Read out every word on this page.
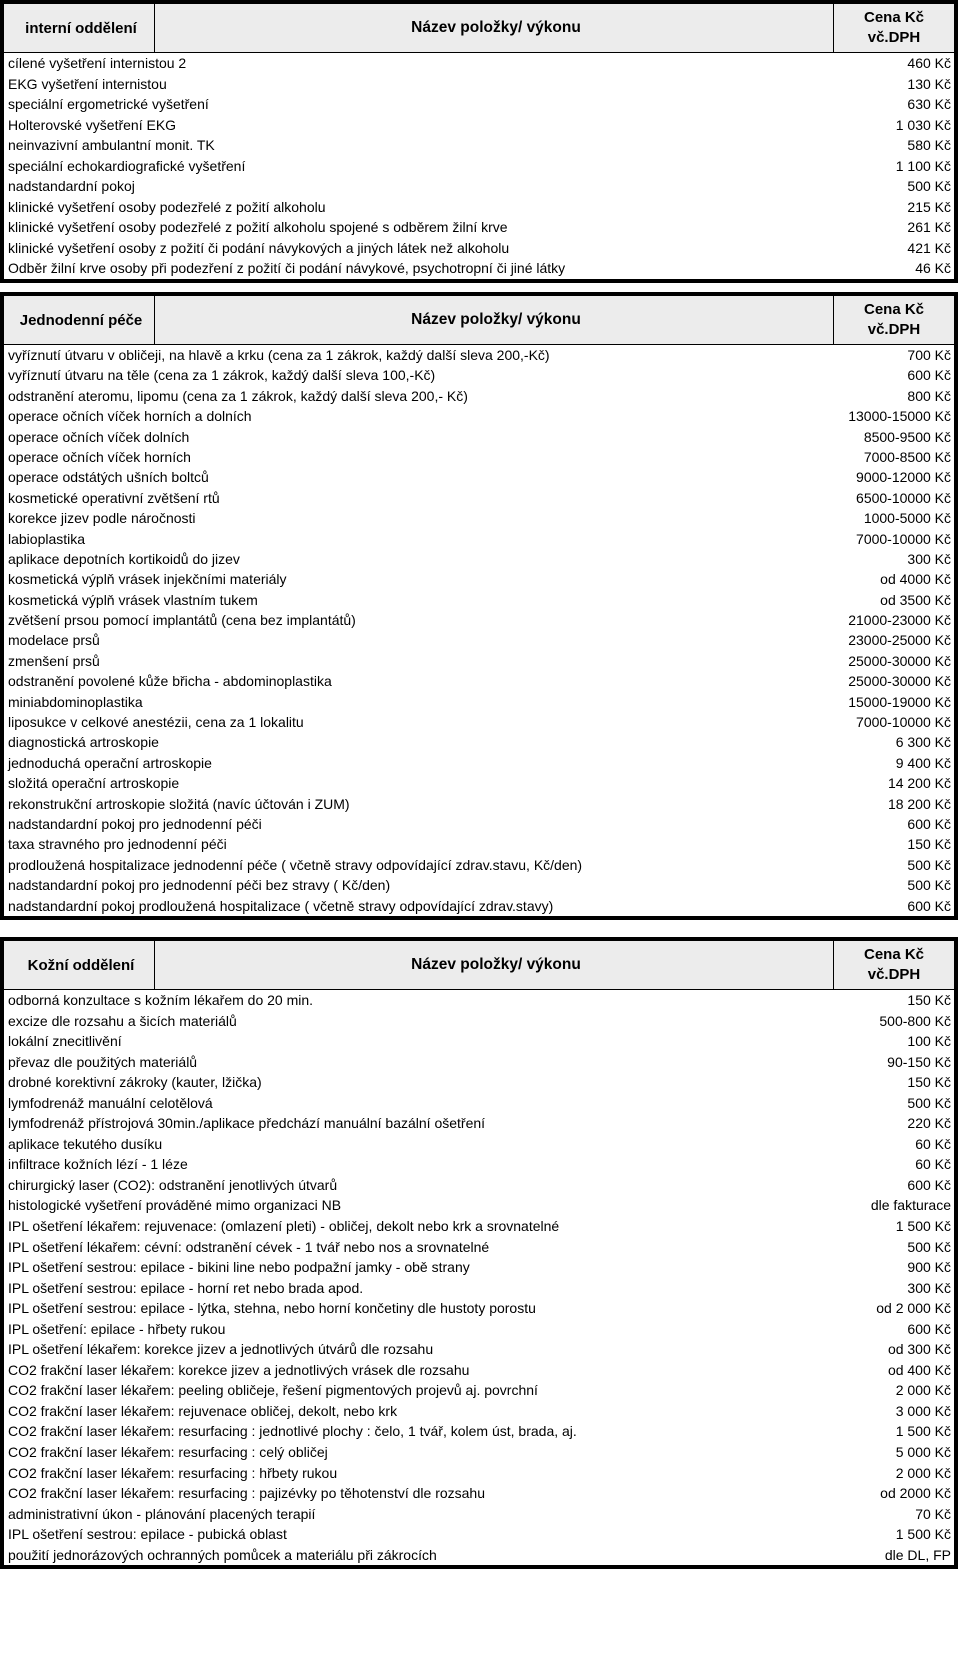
interní oddělení	Název položky/ výkonu
Cena Kč
vč.DPH
cílené vyšetření internistou 2	460 Kč
EKG vyšetření internistou	130 Kč
speciální ergometrické vyšetření	630 Kč
Holterovské vyšetření EKG	1 030 Kč
neinvazivní ambulantní monit. TK	580 Kč
speciální echokardiografické vyšetření	1 100 Kč
nadstandardní pokoj	500 Kč
klinické vyšetření osoby podezřelé z požití alkoholu	215 Kč
klinické vyšetření osoby podezřelé z požití alkoholu spojené s odběrem žilní krve	261 Kč
klinické vyšetření osoby z požití či podání návykových a jiných látek než alkoholu	421 Kč
Odběr žilní krve osoby při podezření z požití či podání návykové, psychotropní či jiné látky	46 Kč
Jednodenní péče	Název položky/ výkonu
Cena Kč
vč.DPH
vyříznutí útvaru v obličeji, na hlavě a krku (cena za 1 zákrok, každý další sleva 200,-Kč)	700 Kč
vyříznutí útvaru na těle (cena za 1 zákrok, každý další sleva 100,-Kč)	600 Kč
odstranění ateromu, lipomu (cena za 1 zákrok, každý další sleva 200,- Kč)	800 Kč
operace očních víček horních a dolních	13000-15000 Kč
operace očních víček dolních	8500-9500 Kč
operace očních víček horních	7000-8500 Kč
operace odstátých ušních boltců	9000-12000 Kč
kosmetické operativní zvětšení rtů	6500-10000 Kč
korekce jizev podle náročnosti	1000-5000 Kč
labioplastika	7000-10000 Kč
aplikace depotních kortikoidů do jizev	300 Kč
kosmetická výplň vrásek injekčními materiály	od 4000 Kč
kosmetická výplň vrásek vlastním tukem	od 3500 Kč
zvětšení prsou pomocí implantátů (cena bez implantátů)	21000-23000 Kč
modelace prsů	23000-25000 Kč
zmenšení prsů	25000-30000 Kč
odstranění povolené kůže břicha - abdominoplastika	25000-30000 Kč
miniabdominoplastika	15000-19000 Kč
liposukce v celkové anestézii, cena za 1 lokalitu	7000-10000 Kč
diagnostická artroskopie	6 300 Kč
jednoduchá operační artroskopie	9 400 Kč
složitá operační artroskopie	14 200 Kč
rekonstrukční artroskopie složitá (navíc účtován i ZUM)	18 200 Kč
nadstandardní pokoj pro jednodenní péči	600 Kč
taxa stravného pro jednodenní péči	150 Kč
prodloužená hospitalizace jednodenní péče ( včetně stravy odpovídající zdrav.stavu, Kč/den)	500 Kč
nadstandardní pokoj pro jednodenní péči bez stravy ( Kč/den)	500 Kč
nadstandardní pokoj prodloužená hospitalizace ( včetně stravy odpovídající zdrav.stavy)	600 Kč
Kožní oddělení	Název položky/ výkonu
Cena Kč
vč.DPH
odborná konzultace s kožním lékařem do 20 min.	150 Kč
excize dle rozsahu a šicích materiálů	500-800 Kč
lokální znecitlivění	100 Kč
převaz dle použitých materiálů	90-150 Kč
drobné korektivní zákroky (kauter, lžička)	150 Kč
lymfodrenáž manuální celotělová	500 Kč
lymfodrenáž přístrojová 30min./aplikace předchází manuální bazální ošetření	220 Kč
aplikace tekutého dusíku	60 Kč
infiltrace kožních lézí - 1 léze	60 Kč
chirurgický laser (CO2): odstranění jenotlivých útvarů	600 Kč
histologické vyšetření prováděné mimo organizaci NB	dle fakturace
IPL ošetření lékařem: rejuvenace: (omlazení pleti) - obličej, dekolt nebo krk a srovnatelné	1 500 Kč
IPL ošetření lékařem: cévní: odstranění cévek - 1 tvář nebo nos a srovnatelné	500 Kč
IPL ošetření sestrou: epilace - bikini line nebo podpažní jamky - obě strany	900 Kč
IPL ošetření sestrou: epilace - horní ret nebo brada apod.	300 Kč
IPL ošetření sestrou: epilace - lýtka, stehna, nebo horní končetiny dle hustoty porostu	od 2 000 Kč
IPL ošetření: epilace - hřbety rukou	600 Kč
IPL ošetření lékařem: korekce jizev a jednotlivých útvárů dle rozsahu	od 300 Kč
CO2 frakční laser lékařem: korekce jizev a jednotlivých vrásek dle rozsahu	od 400 Kč
CO2 frakční laser lékařem: peeling obličeje, řešení pigmentových projevů aj. povrchní	2 000 Kč
CO2 frakční laser lékařem: rejuvenace obličej, dekolt, nebo krk	3 000 Kč
CO2 frakční laser lékařem: resurfacing : jednotlivé plochy : čelo, 1 tvář, kolem úst, brada, aj.	1 500 Kč
CO2 frakční laser lékařem: resurfacing : celý obličej	5 000 Kč
CO2 frakční laser lékařem: resurfacing : hřbety rukou	2 000 Kč
CO2 frakční laser lékařem: resurfacing : pajizévky po těhotenství dle rozsahu	od 2000 Kč
administrativní úkon - plánování placených terapií	70 Kč
IPL ošetření sestrou: epilace - pubická oblast	1 500 Kč
použití jednorázových ochranných pomůcek a materiálu při zákrocích	dle DL, FP
